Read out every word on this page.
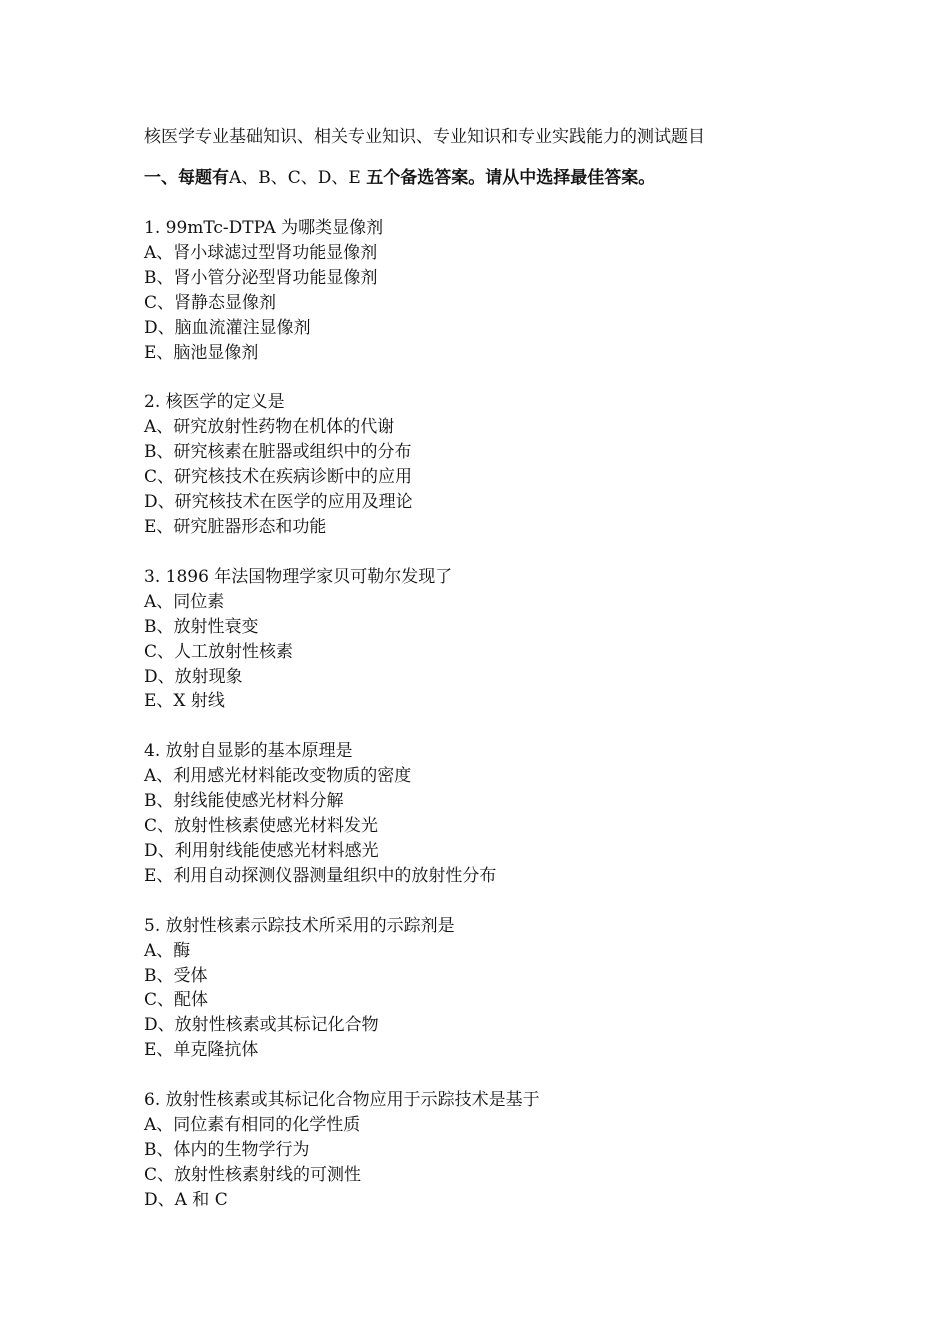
核医学专业基础知识、相关专业知识、专业知识和专业实践能力的测试题目
一、每题有A、B、C、D、E 五个备选答案。请从中选择最佳答案。
1. 99mTc-DTPA 为哪类显像剂
A、肾小球滤过型肾功能显像剂
B、肾小管分泌型肾功能显像剂
C、肾静态显像剂
D、脑血流灌注显像剂
E、脑池显像剂
2. 核医学的定义是
A、研究放射性药物在机体的代谢
B、研究核素在脏器或组织中的分布
C、研究核技术在疾病诊断中的应用
D、研究核技术在医学的应用及理论
E、研究脏器形态和功能
3. 1896 年法国物理学家贝可勒尔发现了
A、同位素
B、放射性衰变
C、人工放射性核素
D、放射现象
E、X 射线
4. 放射自显影的基本原理是
A、利用感光材料能改变物质的密度
B、射线能使感光材料分解
C、放射性核素使感光材料发光
D、利用射线能使感光材料感光
E、利用自动探测仪器测量组织中的放射性分布
5. 放射性核素示踪技术所采用的示踪剂是
A、酶
B、受体
C、配体
D、放射性核素或其标记化合物
E、单克隆抗体
6. 放射性核素或其标记化合物应用于示踪技术是基于
A、同位素有相同的化学性质
B、体内的生物学行为
C、放射性核素射线的可测性
D、A 和 C
